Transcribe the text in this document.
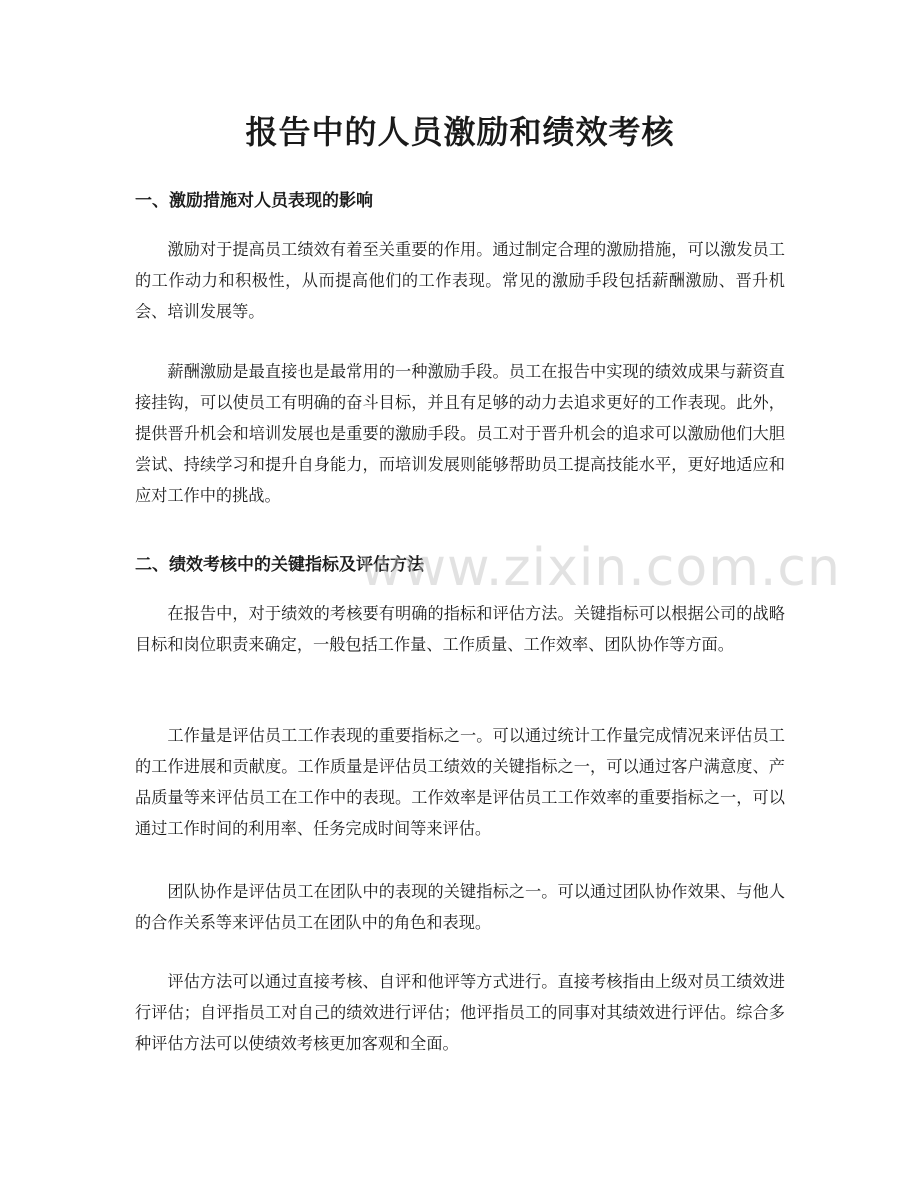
报告中的人员激励和绩效考核
一、激励措施对人员表现的影响

激励对于提高员工绩效有着至关重要的作用。通过制定合理的激励措施，可以激发员工的工作动力和积极性，从而提高他们的工作表现。常见的激励手段包括薪酬激励、晋升机会、培训发展等。

薪酬激励是最直接也是最常用的一种激励手段。员工在报告中实现的绩效成果与薪资直接挂钩，可以使员工有明确的奋斗目标，并且有足够的动力去追求更好的工作表现。此外，提供晋升机会和培训发展也是重要的激励手段。员工对于晋升机会的追求可以激励他们大胆尝试、持续学习和提升自身能力，而培训发展则能够帮助员工提高技能水平，更好地适应和应对工作中的挑战。

二、绩效考核中的关键指标及评估方法

在报告中，对于绩效的考核要有明确的指标和评估方法。关键指标可以根据公司的战略目标和岗位职责来确定，一般包括工作量、工作质量、工作效率、团队协作等方面。

工作量是评估员工工作表现的重要指标之一。可以通过统计工作量完成情况来评估员工的工作进展和贡献度。工作质量是评估员工绩效的关键指标之一，可以通过客户满意度、产品质量等来评估员工在工作中的表现。工作效率是评估员工工作效率的重要指标之一，可以通过工作时间的利用率、任务完成时间等来评估。

团队协作是评估员工在团队中的表现的关键指标之一。可以通过团队协作效果、与他人的合作关系等来评估员工在团队中的角色和表现。

评估方法可以通过直接考核、自评和他评等方式进行。直接考核指由上级对员工绩效进行评估；自评指员工对自己的绩效进行评估；他评指员工的同事对其绩效进行评估。综合多种评估方法可以使绩效考核更加客观和全面。

www.zixin.com.cn
